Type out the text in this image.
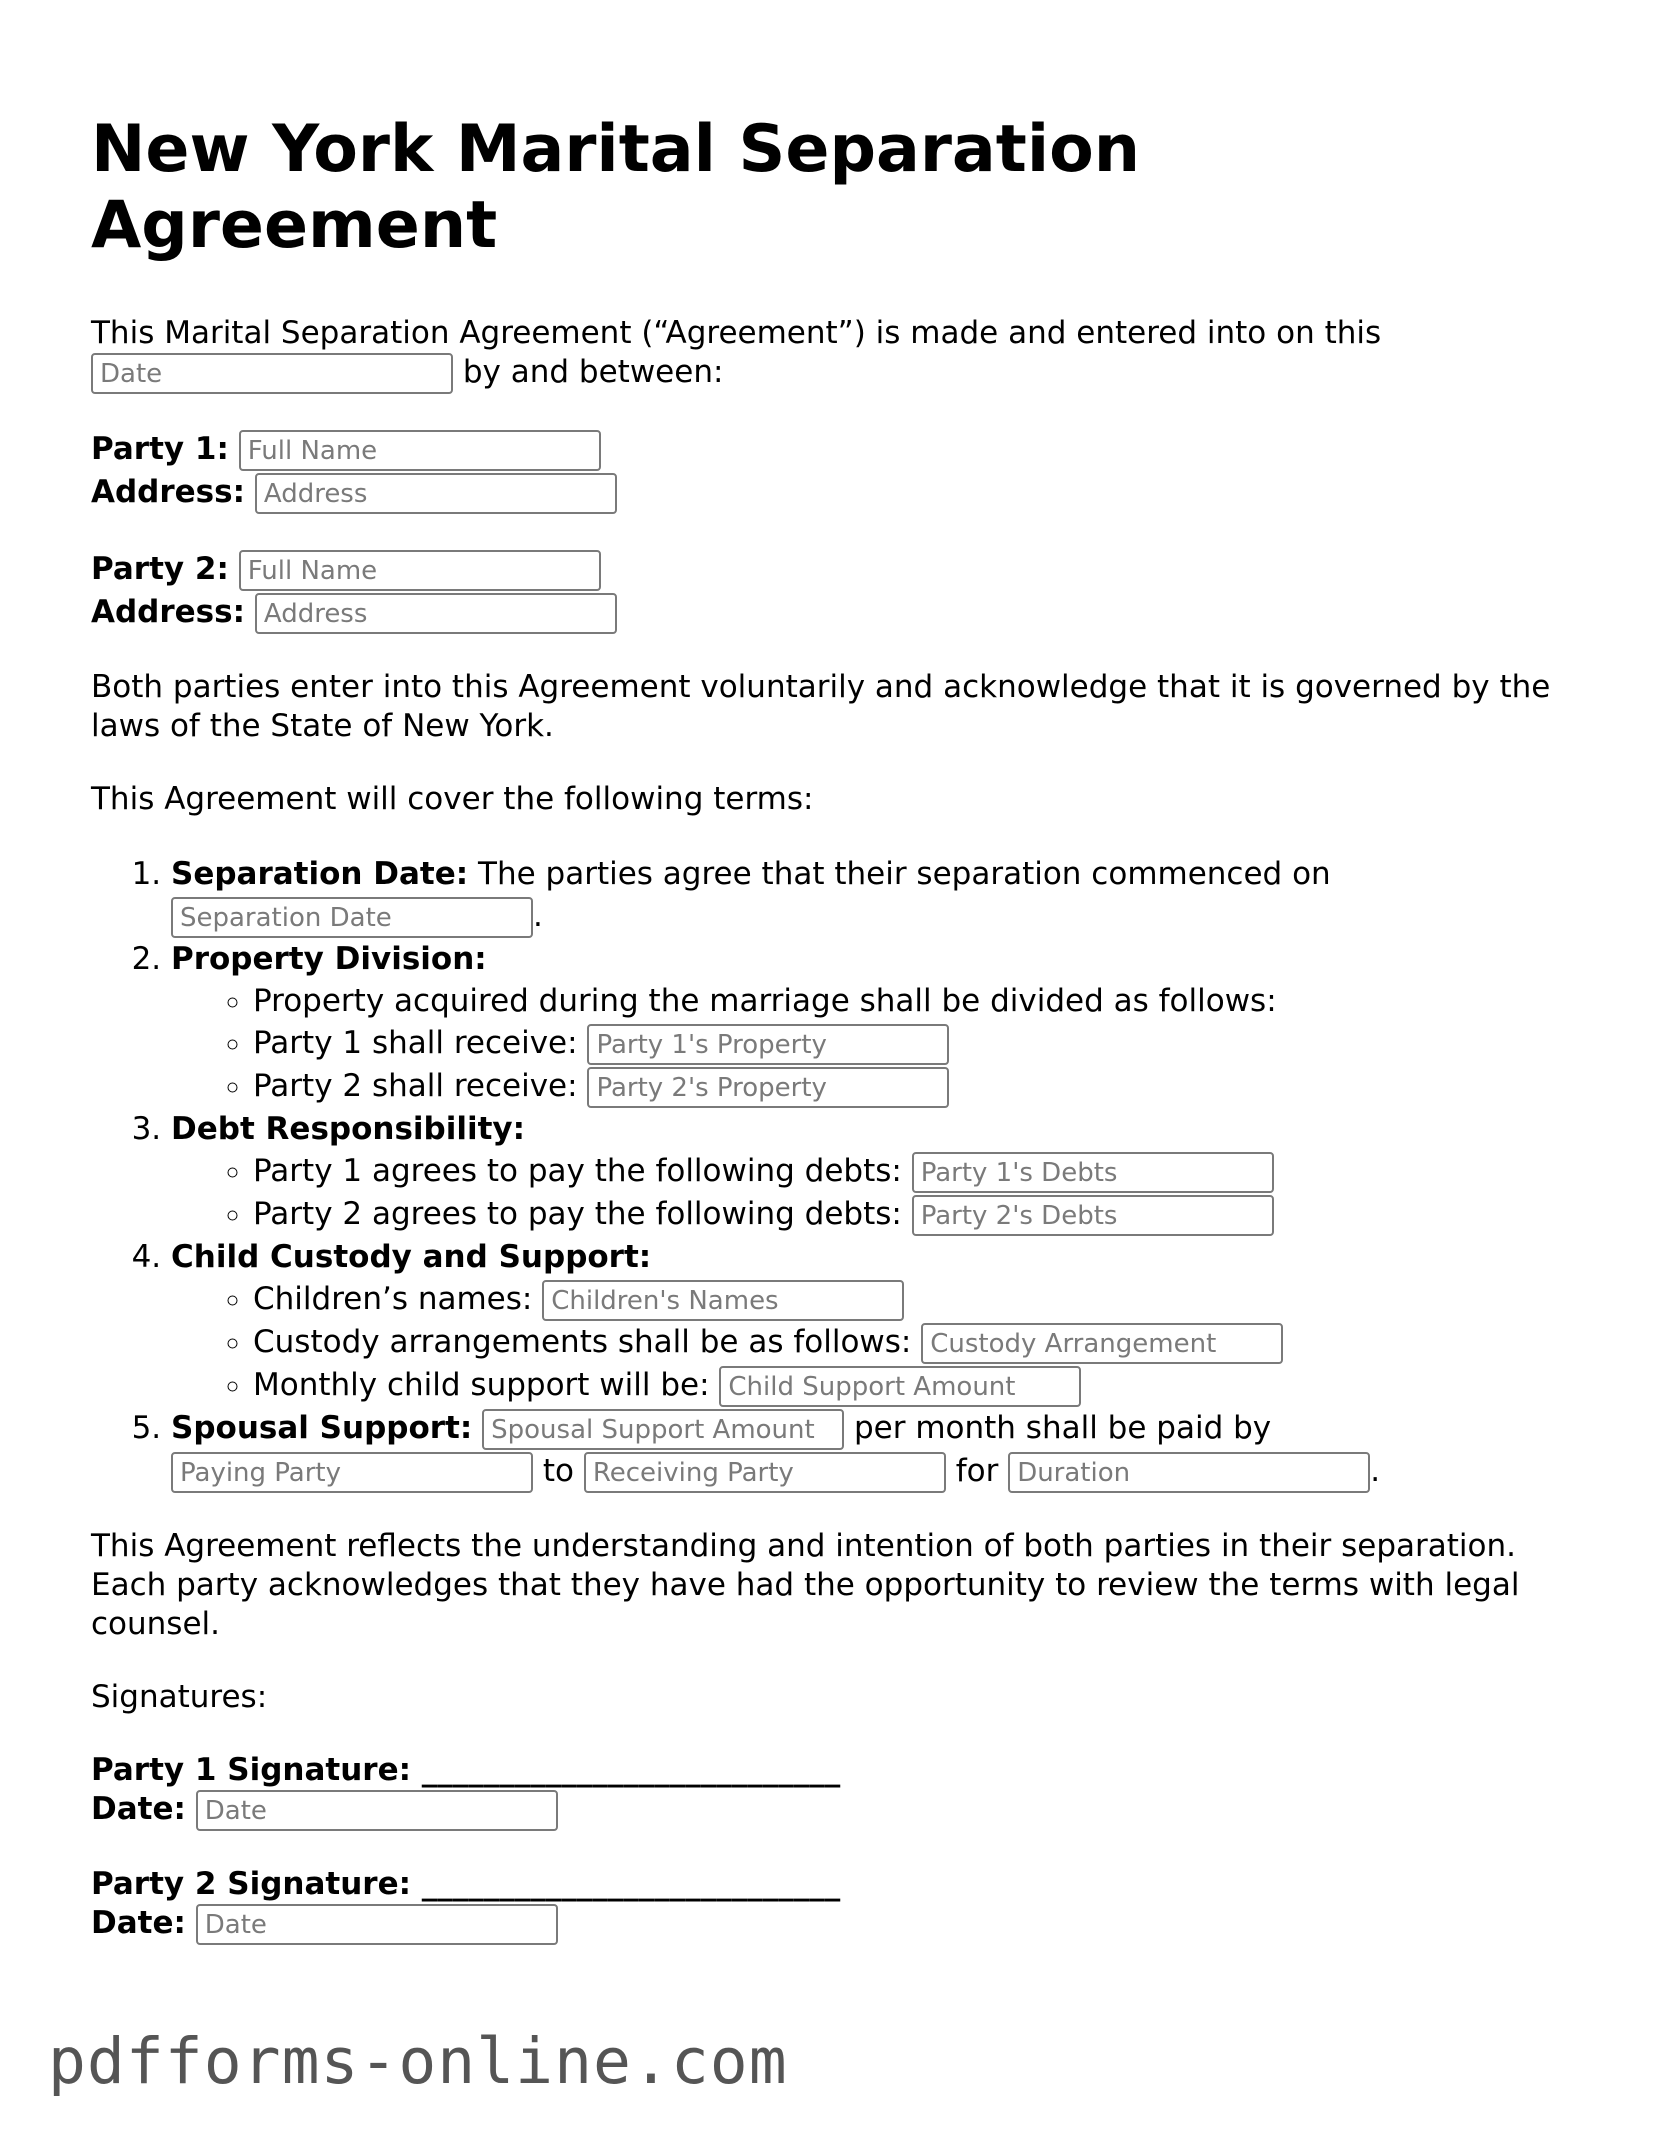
New York Marital Separation Agreement

This Marital Separation Agreement (“Agreement”) is made and entered into on this
Date by and between:

Party 1: Full Name
Address: Address
Party 2: Full Name
Address: Address

Both parties enter into this Agreement voluntarily and acknowledge that it is governed by the laws of the State of New York.

This Agreement will cover the following terms:

1. Separation Date: The parties agree that their separation commenced on
Separation Date.
2. Property Division:
◦ Property acquired during the marriage shall be divided as follows:
◦ Party 1 shall receive: Party 1's Property
◦ Party 2 shall receive: Party 2's Property
3. Debt Responsibility:
◦ Party 1 agrees to pay the following debts: Party 1's Debts
◦ Party 2 agrees to pay the following debts: Party 2's Debts
4. Child Custody and Support:
◦ Children’s names: Children's Names
◦ Custody arrangements shall be as follows: Custody Arrangement
◦ Monthly child support will be: Child Support Amount
5. Spousal Support: Spousal Support Amount	per month shall be paid by
Paying Party to Receiving Party	for Duration	.

This Agreement reflects the understanding and intention of both parties in their separation. Each party acknowledges that they have had the opportunity to review the terms with legal counsel.

Signatures:

Party 1 Signature: ___________________________
Date: Date
Party 2 Signature: ___________________________
Date: Date
pdfforms-online.com
